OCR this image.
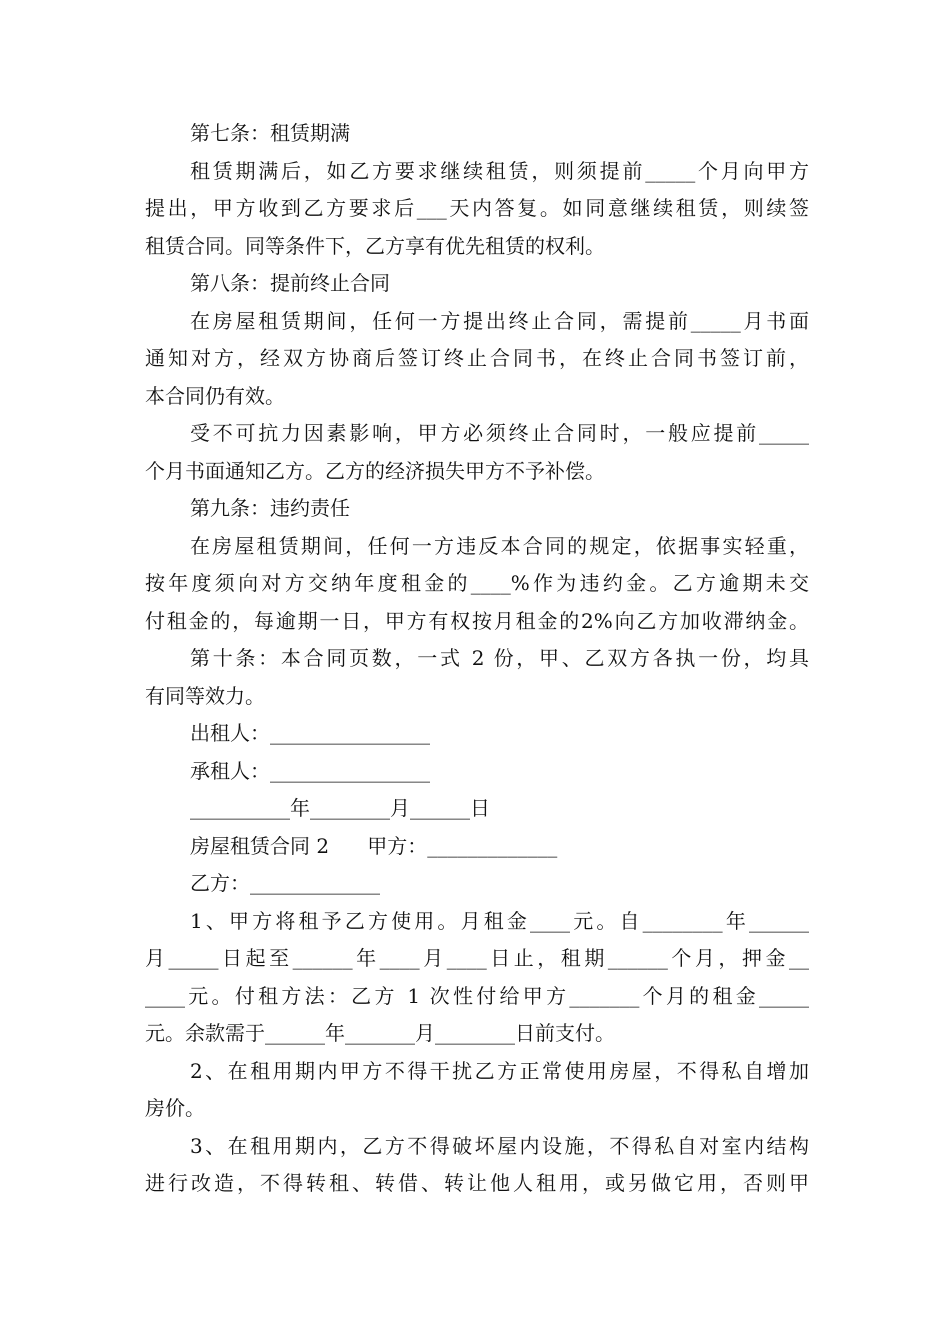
第七条：租赁期满
租赁期满后，如乙方要求继续租赁，则须提前_____个月向甲方
提出，甲方收到乙方要求后___天内答复。如同意继续租赁，则续签
租赁合同。同等条件下，乙方享有优先租赁的权利。
第八条：提前终止合同
在房屋租赁期间，任何一方提出终止合同，需提前_____月书面
通知对方，经双方协商后签订终止合同书，在终止合同书签订前，
本合同仍有效。
受不可抗力因素影响，甲方必须终止合同时，一般应提前_____
个月书面通知乙方。乙方的经济损失甲方不予补偿。
第九条：违约责任
在房屋租赁期间，任何一方违反本合同的规定，依据事实轻重，
按年度须向对方交纳年度租金的____%作为违约金。乙方逾期未交
付租金的，每逾期一日，甲方有权按月租金的2%向乙方加收滞纳金。
第十条：本合同页数，一式 2 份，甲、乙双方各执一份，均具
有同等效力。
出租人：________________
承租人：________________
__________年________月______日
房屋租赁合同 2      甲方：_____________
乙方：_____________
1、甲方将租予乙方使用。月租金____元。自________年______
月_____日起至______年____月____日止，租期______个月，押金__
____元。付租方法：乙方 1 次性付给甲方_______个月的租金_____
元。余款需于______年_______月________日前支付。
2、在租用期内甲方不得干扰乙方正常使用房屋，不得私自增加
房价。
3、在租用期内，乙方不得破坏屋内设施，不得私自对室内结构
进行改造，不得转租、转借、转让他人租用，或另做它用，否则甲
